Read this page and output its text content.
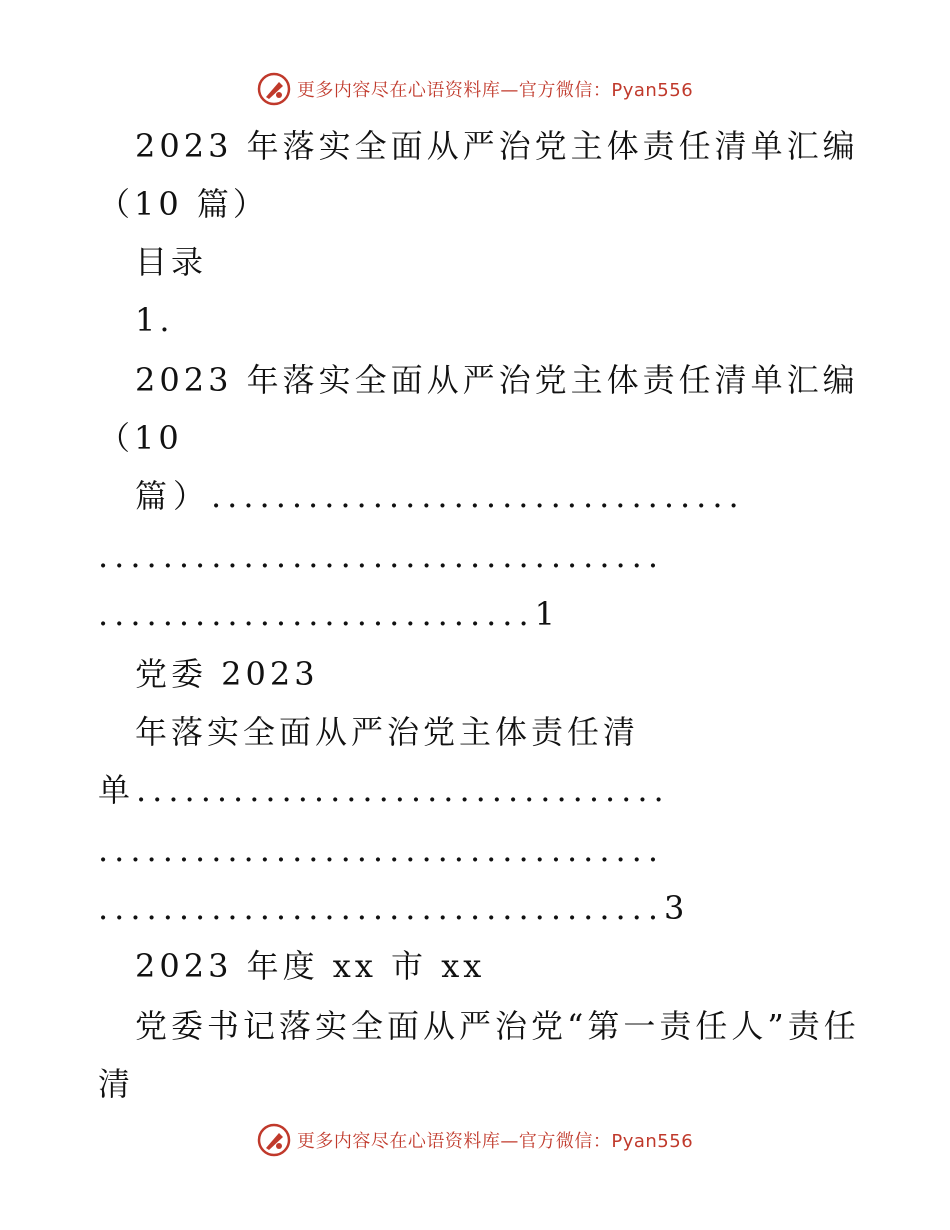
更多内容尽在心语资料库—官方微信：Pyan556
2023 年落实全面从严治党主体责任清单汇编
（10 篇）
目录
1.
2023 年落实全面从严治党主体责任清单汇编
（10
篇）.................................
...................................
...........................1
党委 2023
年落实全面从严治党主体责任清
单.................................
...................................
...................................3
2023 年度 xx 市 xx
党委书记落实全面从严治党“第一责任人”责任
清
更多内容尽在心语资料库—官方微信：Pyan556
